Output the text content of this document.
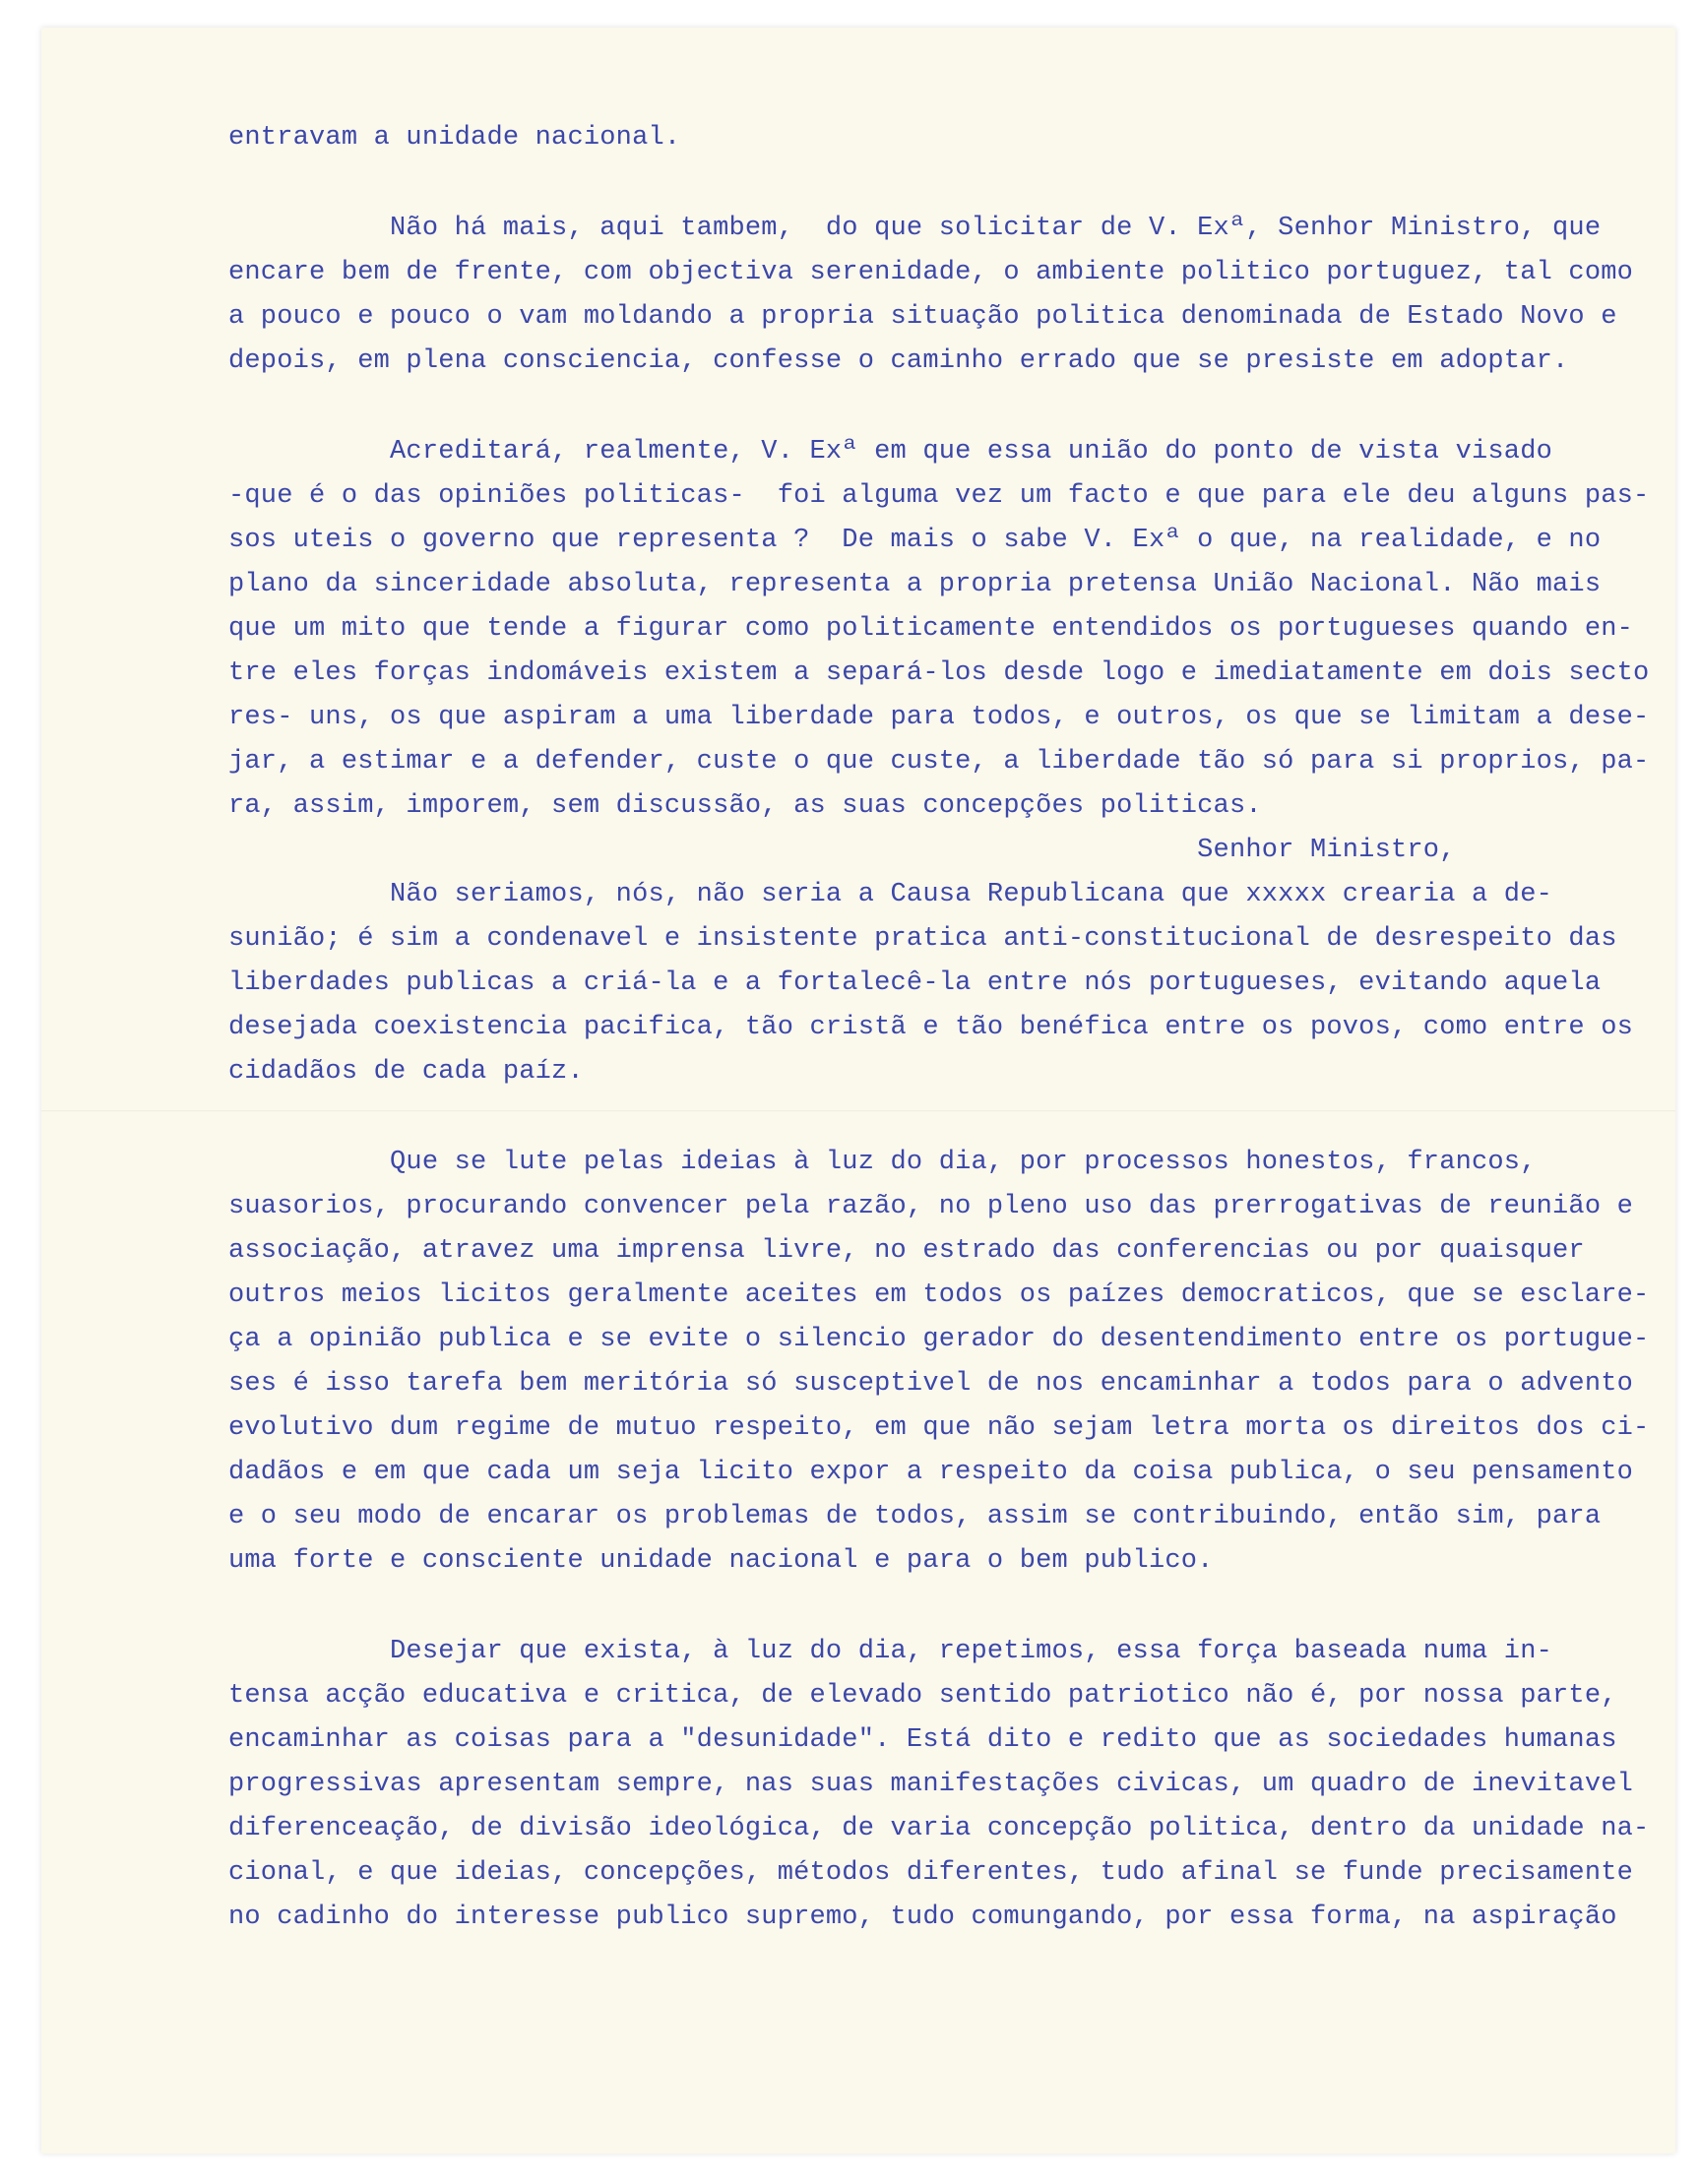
entravam a unidade nacional.
Não há mais, aqui tambem,  do que solicitar de V. Exª, Senhor Ministro, que
encare bem de frente, com objectiva serenidade, o ambiente politico portuguez, tal como
a pouco e pouco o vam moldando a propria situação politica denominada de Estado Novo e
depois, em plena consciencia, confesse o caminho errado que se presiste em adoptar.
Acreditará, realmente, V. Exª em que essa união do ponto de vista visado
-que é o das opiniões politicas-  foi alguma vez um facto e que para ele deu alguns pas-
sos uteis o governo que representa ?  De mais o sabe V. Exª o que, na realidade, e no
plano da sinceridade absoluta, representa a propria pretensa União Nacional. Não mais
que um mito que tende a figurar como politicamente entendidos os portugueses quando en-
tre eles forças indomáveis existem a separá-los desde logo e imediatamente em dois secto
res- uns, os que aspiram a uma liberdade para todos, e outros, os que se limitam a dese-
jar, a estimar e a defender, custe o que custe, a liberdade tão só para si proprios, pa-
ra, assim, imporem, sem discussão, as suas concepções politicas.
Senhor Ministro,
Não seriamos, nós, não seria a Causa Republicana que xxxxx crearia a de-
sunião; é sim a condenavel e insistente pratica anti-constitucional de desrespeito das
liberdades publicas a criá-la e a fortalecê-la entre nós portugueses, evitando aquela
desejada coexistencia pacifica, tão cristã e tão benéfica entre os povos, como entre os
cidadãos de cada paíz.
Que se lute pelas ideias à luz do dia, por processos honestos, francos,
suasorios, procurando convencer pela razão, no pleno uso das prerrogativas de reunião e
associação, atravez uma imprensa livre, no estrado das conferencias ou por quaisquer
outros meios licitos geralmente aceites em todos os paízes democraticos, que se esclare-
ça a opinião publica e se evite o silencio gerador do desentendimento entre os portugue-
ses é isso tarefa bem meritória só susceptivel de nos encaminhar a todos para o advento
evolutivo dum regime de mutuo respeito, em que não sejam letra morta os direitos dos ci-
dadãos e em que cada um seja licito expor a respeito da coisa publica, o seu pensamento
e o seu modo de encarar os problemas de todos, assim se contribuindo, então sim, para
uma forte e consciente unidade nacional e para o bem publico.
Desejar que exista, à luz do dia, repetimos, essa força baseada numa in-
tensa acção educativa e critica, de elevado sentido patriotico não é, por nossa parte,
encaminhar as coisas para a "desunidade". Está dito e redito que as sociedades humanas
progressivas apresentam sempre, nas suas manifestações civicas, um quadro de inevitavel
diferenceação, de divisão ideológica, de varia concepção politica, dentro da unidade na-
cional, e que ideias, concepções, métodos diferentes, tudo afinal se funde precisamente
no cadinho do interesse publico supremo, tudo comungando, por essa forma, na aspiração
